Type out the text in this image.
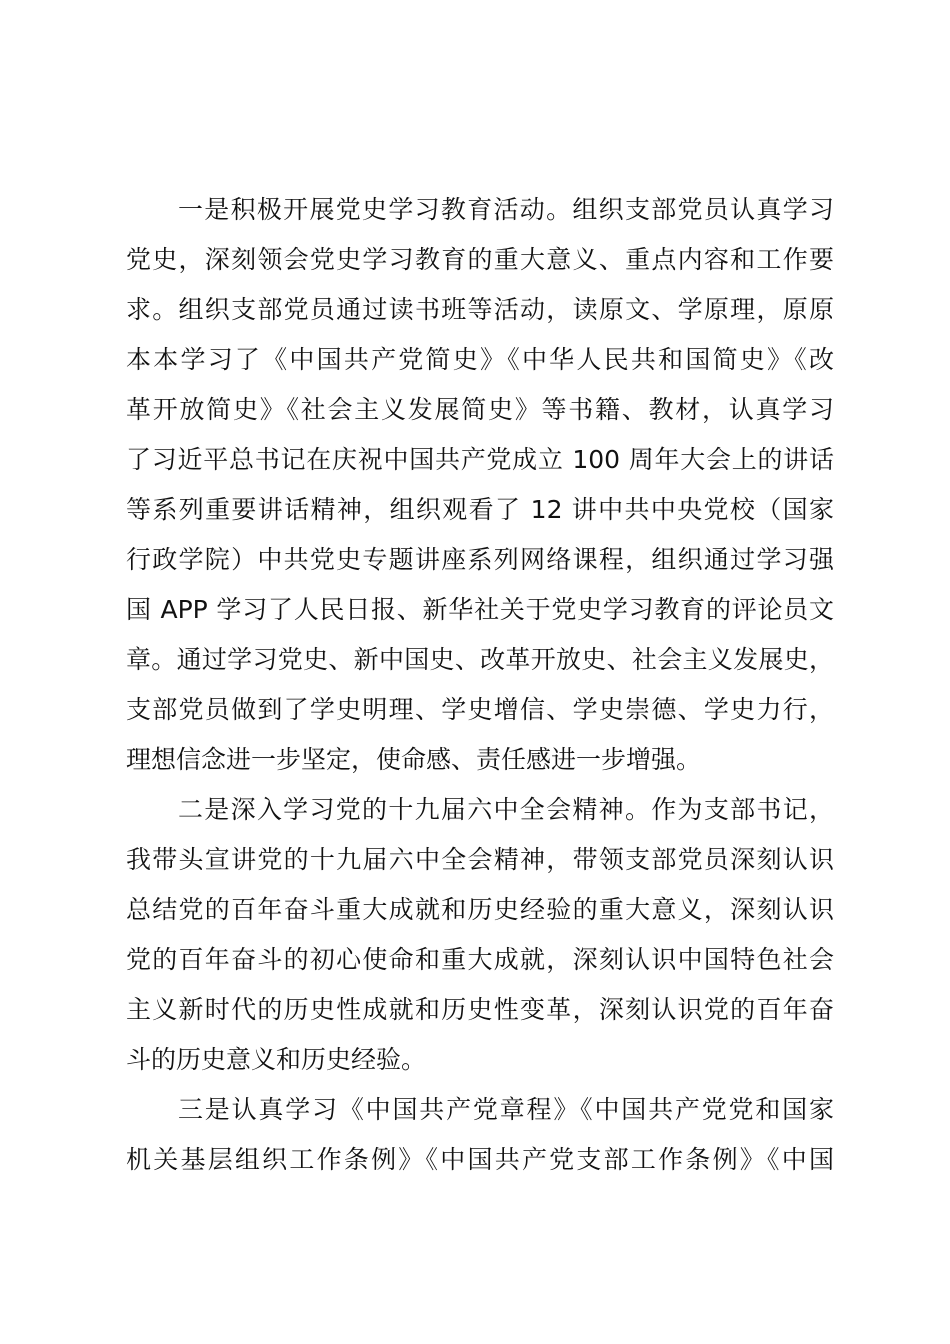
一是积极开展党史学习教育活动。组织支部党员认真学习
党史，深刻领会党史学习教育的重大意义、重点内容和工作要
求。组织支部党员通过读书班等活动，读原文、学原理，原原
本本学习了《中国共产党简史》《中华人民共和国简史》《改
革开放简史》《社会主义发展简史》等书籍、教材，认真学习
了习近平总书记在庆祝中国共产党成立 100 周年大会上的讲话
等系列重要讲话精神，组织观看了 12 讲中共中央党校（国家
行政学院）中共党史专题讲座系列网络课程，组织通过学习强
国 APP 学习了人民日报、新华社关于党史学习教育的评论员文
章。通过学习党史、新中国史、改革开放史、社会主义发展史，
支部党员做到了学史明理、学史增信、学史崇德、学史力行，
理想信念进一步坚定，使命感、责任感进一步增强。

二是深入学习党的十九届六中全会精神。作为支部书记，
我带头宣讲党的十九届六中全会精神，带领支部党员深刻认识
总结党的百年奋斗重大成就和历史经验的重大意义，深刻认识
党的百年奋斗的初心使命和重大成就，深刻认识中国特色社会
主义新时代的历史性成就和历史性变革，深刻认识党的百年奋
斗的历史意义和历史经验。

三是认真学习《中国共产党章程》《中国共产党党和国家
机关基层组织工作条例》《中国共产党支部工作条例》《中国
